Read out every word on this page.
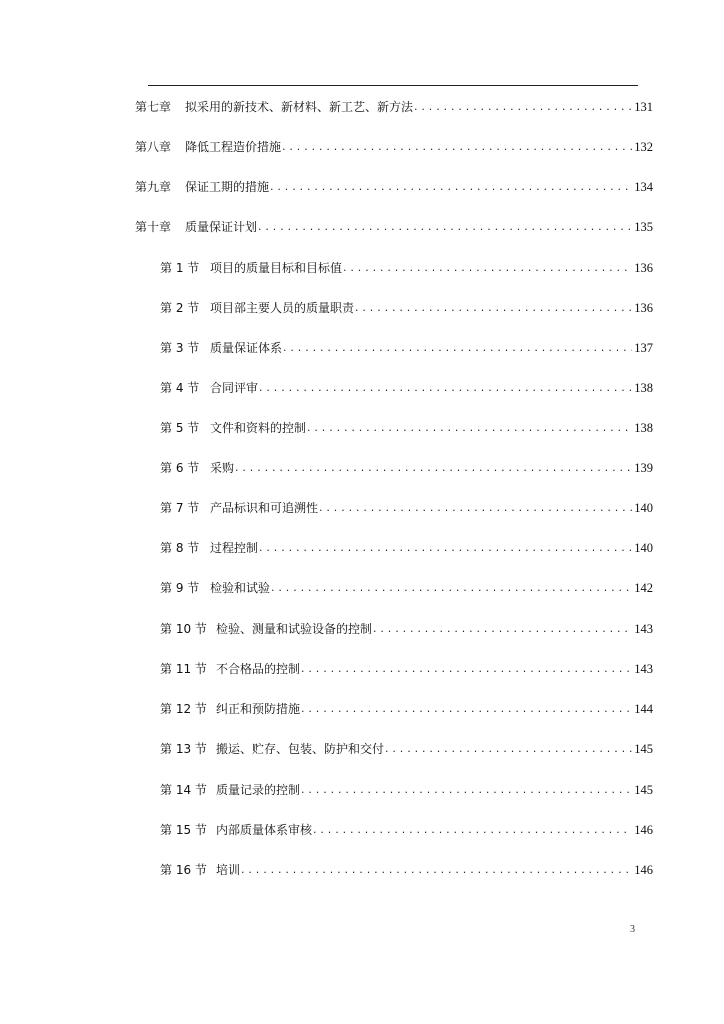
第七章	拟采用的新技术、新材料、新工艺、新方法 . . .	131
第八章	降低工程造价措施 . . .	132
第九章	保证工期的措施 . . .	134
第十章	质量保证计划 . . .	135
第 1 节 项目的质量目标和目标值 . . .	136
第 2 节 项目部主要人员的质量职责 . . .	136
第 3 节 质量保证体系 . . .	137
第 4 节 合同评审 . . .	138
第 5 节 文件和资料的控制 . . .	138
第 6 节 采购 . . .	139
第 7 节 产品标识和可追溯性 . . .	140
第 8 节 过程控制 . . .	140
第 9 节 检验和试验 . . .	142
第 10 节 检验、测量和试验设备的控制 . . .	143
第 11 节 不合格品的控制 . . .	143
第 12 节 纠正和预防措施 . . .	144
第 13 节 搬运、贮存、包装、防护和交付 . . .	145
第 14 节 质量记录的控制 . . .	145
第 15 节 内部质量体系审核 . . .	146
第 16 节 培训 . . .	146
3
